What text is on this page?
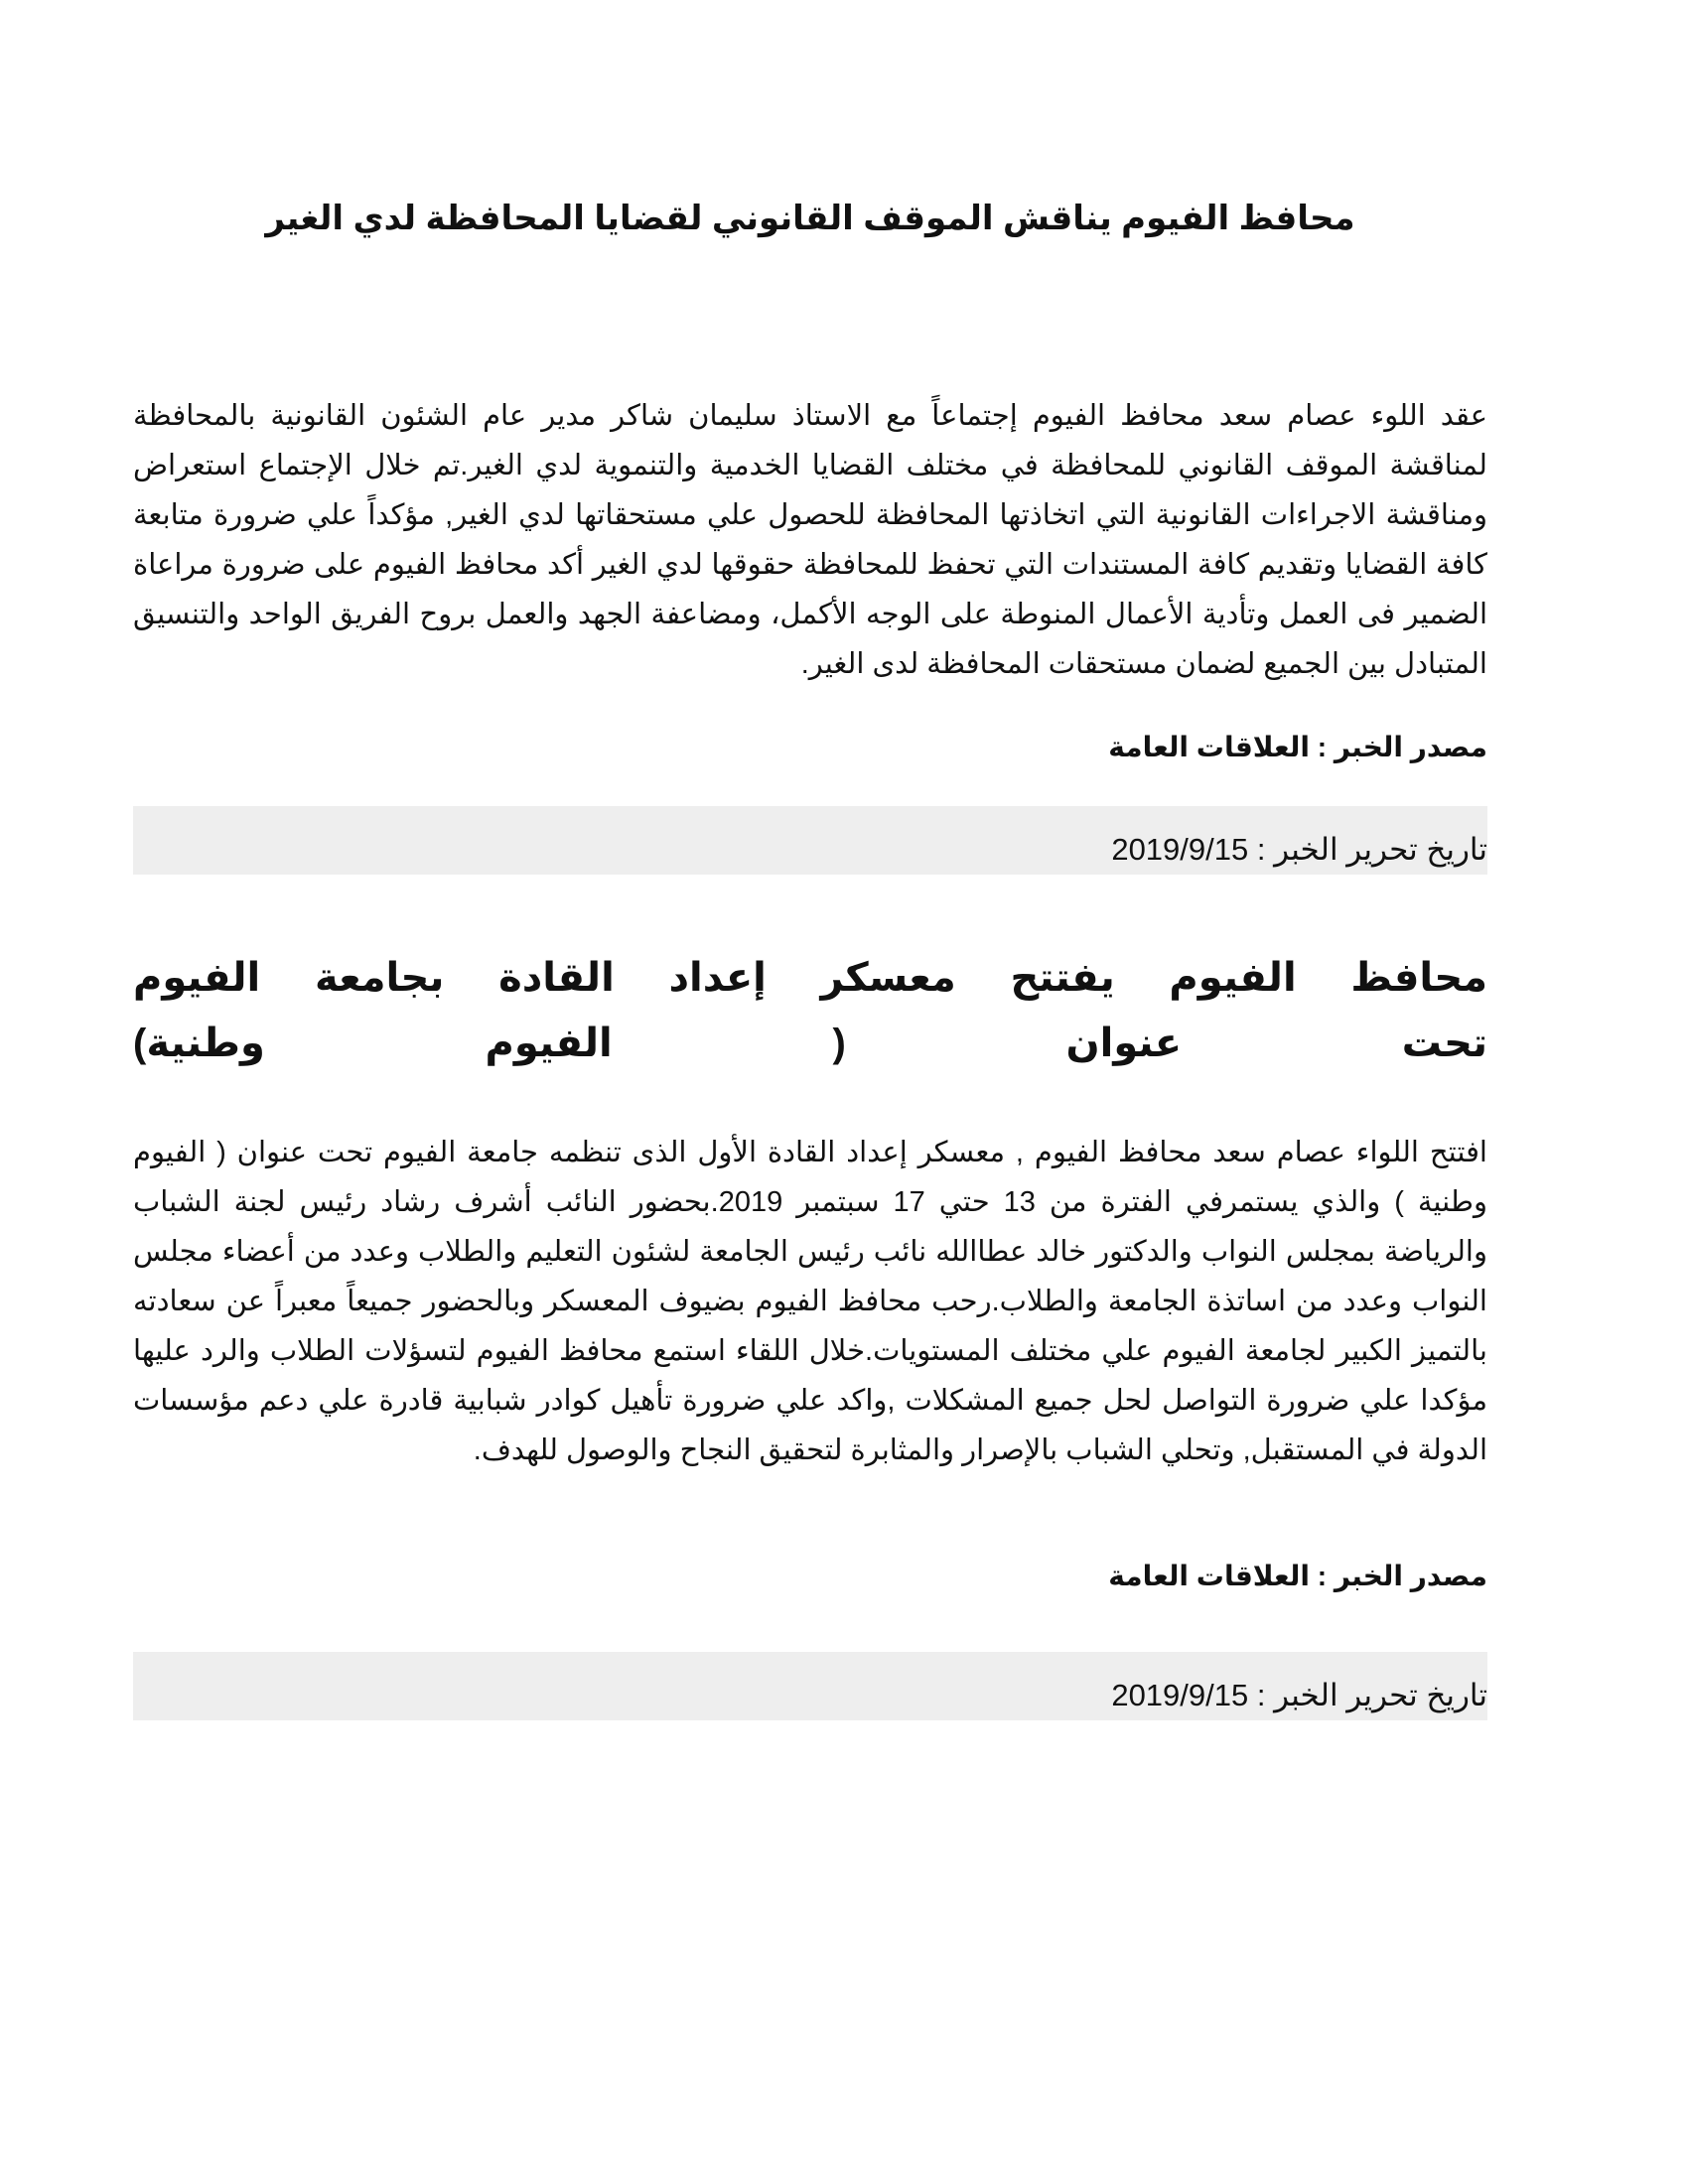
محافظ الفيوم يناقش الموقف القانوني لقضايا المحافظة لدي الغير

عقد اللوء عصام سعد محافظ الفيوم إجتماعاً مع الاستاذ سليمان شاكر مدير عام الشئون القانونية بالمحافظة لمناقشة الموقف القانوني للمحافظة في مختلف القضايا الخدمية والتنموية لدي الغير.تم خلال الإجتماع استعراض ومناقشة الاجراءات القانونية التي اتخاذتها المحافظة للحصول علي مستحقاتها لدي الغير, مؤكداً علي ضرورة متابعة كافة القضايا وتقديم كافة المستندات التي تحفظ للمحافظة حقوقها لدي الغير أكد محافظ الفيوم على ضرورة مراعاة الضمير فى العمل وتأدية الأعمال المنوطة على الوجه الأكمل، ومضاعفة الجهد والعمل بروح الفريق الواحد والتنسيق المتبادل بين الجميع لضمان مستحقات المحافظة لدى الغير.

مصدر الخبر : العلاقات العامة

تاريخ تحرير الخبر : 2019/9/15
محافظ
الفيوم
يفتتح
معسكر
إعداد
القادة
بجامعة
الفيوم
تحت
عنوان
(
الفيوم
وطنية)

افتتح اللواء عصام سعد محافظ الفيوم , معسكر إعداد القادة الأول الذى تنظمه جامعة الفيوم تحت عنوان ( الفيوم وطنية ) والذي يستمرفي الفترة من 13 حتي 17 سبتمبر 2019.بحضور النائب أشرف رشاد رئيس لجنة الشباب والرياضة بمجلس النواب والدكتور خالد عطاالله نائب رئيس الجامعة لشئون التعليم والطلاب وعدد من أعضاء مجلس النواب وعدد من اساتذة الجامعة والطلاب.رحب محافظ الفيوم بضيوف المعسكر وبالحضور جميعاً معبراً عن سعادته بالتميز الكبير لجامعة الفيوم علي مختلف المستويات.خلال اللقاء استمع محافظ الفيوم لتسؤلات الطلاب والرد عليها مؤكدا علي ضرورة التواصل لحل جميع المشكلات ,واكد علي ضرورة تأهيل كوادر شبابية قادرة علي دعم مؤسسات الدولة في المستقبل, وتحلي الشباب بالإصرار والمثابرة لتحقيق النجاح والوصول للهدف.

مصدر الخبر : العلاقات العامة

تاريخ تحرير الخبر : 2019/9/15
